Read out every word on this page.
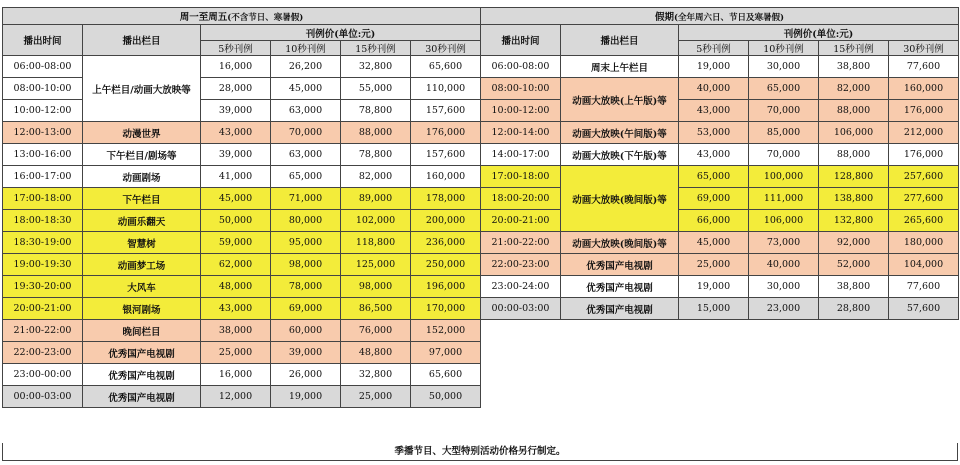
周一至周五(不含节日、寒暑假)					
播出时间	播出栏目	刊例价(单位:元)			
		5秒刊例	10秒刊例	15秒刊例	30秒刊例
06:00-08:00	上午栏目/动画大放映等	16,000	26,200	32,800	65,600
08:00-10:00		28,000	45,000	55,000	110,000
10:00-12:00		39,000	63,000	78,800	157,600
12:00-13:00	动漫世界	43,000	70,000	88,000	176,000
13:00-16:00	下午栏目/剧场等	39,000	63,000	78,800	157,600
16:00-17:00	动画剧场	41,000	65,000	82,000	160,000
17:00-18:00	下午栏目	45,000	71,000	89,000	178,000
18:00-18:30	动画乐翻天	50,000	80,000	102,000	200,000
18:30-19:00	智慧树	59,000	95,000	118,800	236,000
19:00-19:30	动画梦工场	62,000	98,000	125,000	250,000
19:30-20:00	大风车	48,000	78,000	98,000	196,000
20:00-21:00	银河剧场	43,000	69,000	86,500	170,000
21:00-22:00	晚间栏目	38,000	60,000	76,000	152,000
22:00-23:00	优秀国产电视剧	25,000	39,000	48,800	97,000
23:00-00:00	优秀国产电视剧	16,000	26,000	32,800	65,600
00:00-03:00	优秀国产电视剧	12,000	19,000	25,000	50,000
假期(全年周六日、节日及寒暑假)					
播出时间	播出栏目	刊例价(单位:元)			
		5秒刊例	10秒刊例	15秒刊例	30秒刊例
06:00-08:00	周末上午栏目	19,000	30,000	38,800	77,600
08:00-10:00	动画大放映(上午版)等	40,000	65,000	82,000	160,000
10:00-12:00		43,000	70,000	88,000	176,000
12:00-14:00	动画大放映(午间版)等	53,000	85,000	106,000	212,000

14:00-17:00	动画大放映(下午版)等	43,000	70,000	88,000	176,000
17:00-18:00	动画大放映(晚间版)等	65,000	100,000	128,800	257,600
18:00-20:00		69,000	111,000	138,800	277,600

20:00-21:00		66,000	106,000	132,800	265,600
21:00-22:00	动画大放映(晚间版)等	45,000	73,000	92,000	180,000
22:00-23:00	优秀国产电视剧	25,000	40,000	52,000	104,000
23:00-24:00	优秀国产电视剧	19,000	30,000	38,800	77,600
00:00-03:00	优秀国产电视剧	15,000	23,000	28,800	57,600
季播节目、大型特别活动价格另行制定。
